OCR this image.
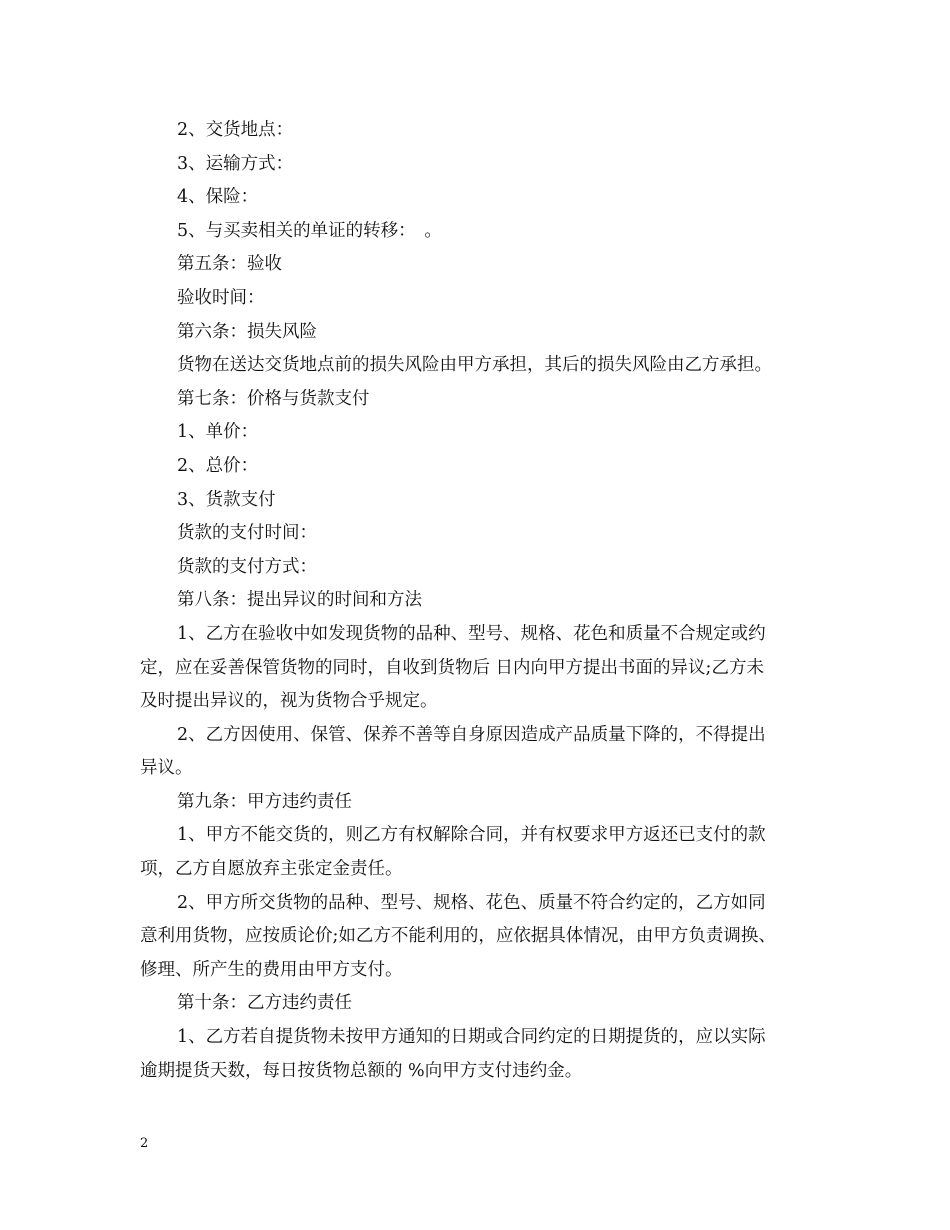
2、交货地点：

3、运输方式：

4、保险：

5、与买卖相关的单证的转移：　。

第五条：验收

验收时间：

第六条：损失风险

货物在送达交货地点前的损失风险由甲方承担，其后的损失风险由乙方承担。

第七条：价格与货款支付

1、单价：

2、总价：

3、货款支付

货款的支付时间：

货款的支付方式：

第八条：提出异议的时间和方法

1、乙方在验收中如发现货物的品种、型号、规格、花色和质量不合规定或约

定，应在妥善保管货物的同时，自收到货物后 日内向甲方提出书面的异议;乙方未

及时提出异议的，视为货物合乎规定。

2、乙方因使用、保管、保养不善等自身原因造成产品质量下降的，不得提出

异议。

第九条：甲方违约责任

1、甲方不能交货的，则乙方有权解除合同，并有权要求甲方返还已支付的款

项，乙方自愿放弃主张定金责任。

2、甲方所交货物的品种、型号、规格、花色、质量不符合约定的，乙方如同

意利用货物，应按质论价;如乙方不能利用的，应依据具体情况，由甲方负责调换、

修理、所产生的费用由甲方支付。

第十条：乙方违约责任

1、乙方若自提货物未按甲方通知的日期或合同约定的日期提货的，应以实际

逾期提货天数，每日按货物总额的 %向甲方支付违约金。

2
